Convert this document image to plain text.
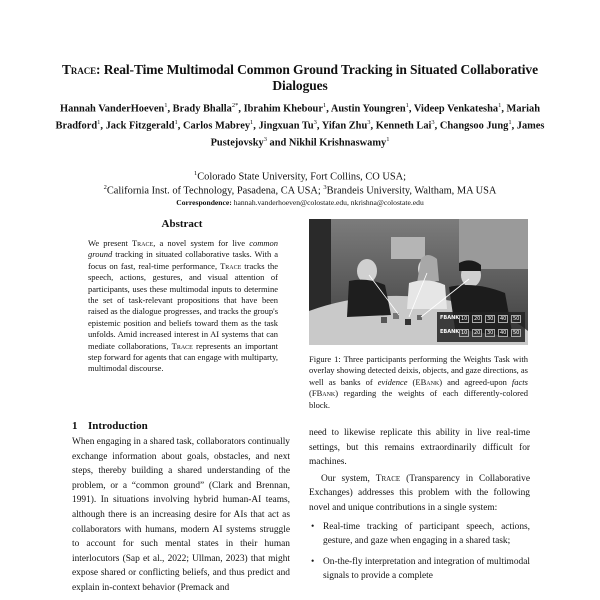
Trace: Real-Time Multimodal Common Ground Tracking in Situated Collaborative Dialogues
Hannah VanderHoeven$^1$, Brady Bhalla$^{2*}$, Ibrahim Khebour$^1$, Austin Youngren$^1$, Videep Venkatesha$^1$, Mariah Bradford$^1$, Jack Fitzgerald$^1$, Carlos Mabrey$^1$, Jingxuan Tu$^3$, Yifan Zhu$^3$, Kenneth Lai$^3$, Changsoo Jung$^1$, James Pustejovsky$^3$ and Nikhil Krishnaswamy$^1$
$^1$Colorado State University, Fort Collins, CO USA;
$^2$California Inst. of Technology, Pasadena, CA USA; $^3$Brandeis University, Waltham, MA USA
Correspondence: hannah.vanderhoeven@colostate.edu, nkrishna@colostate.edu
Abstract
We present Trace, a novel system for live common ground tracking in situated collaborative tasks. With a focus on fast, real-time performance, Trace tracks the speech, actions, gestures, and visual attention of participants, uses these multimodal inputs to determine the set of task-relevant propositions that have been raised as the dialogue progresses, and tracks the group's epistemic position and beliefs toward them as the task unfolds. Amid increased interest in AI systems that can mediate collaborations, Trace represents an important step forward for agents that can engage with multiparty, multimodal discourse.
1 Introduction
When engaging in a shared task, collaborators continually exchange information about goals, obstacles, and next steps, thereby building a shared understanding of the problem, or a “common ground” (Clark and Brennan, 1991). In situations involving hybrid human-AI teams, although there is an increasing desire for AIs that act as collaborators with humans, modern AI systems struggle to account for such mental states in their human interlocutors (Sap et al., 2022; Ullman, 2023) that might expose shared or conflicting beliefs, and thus predict and explain in-context behavior (Premack and
FBANK
EBANK
10
10
20
20
30
30
40
40
50
50
Figure 1: Three participants performing the Weights Task with overlay showing detected deixis, objects, and gaze directions, as well as banks of evidence (EBank) and agreed-upon facts (FBank) regarding the weights of each differently-colored block.

need to likewise replicate this ability in live real-time settings, but this remains extraordinarily difficult for machines.

Our system, Trace (Transparency in Collaborative Exchanges) addresses this problem with the following novel and unique contributions in a single system:

• Real-time tracking of participant speech, actions, gesture, and gaze when engaging in a shared task;
• On-the-fly interpretation and integration of multimodal signals to provide a complete
